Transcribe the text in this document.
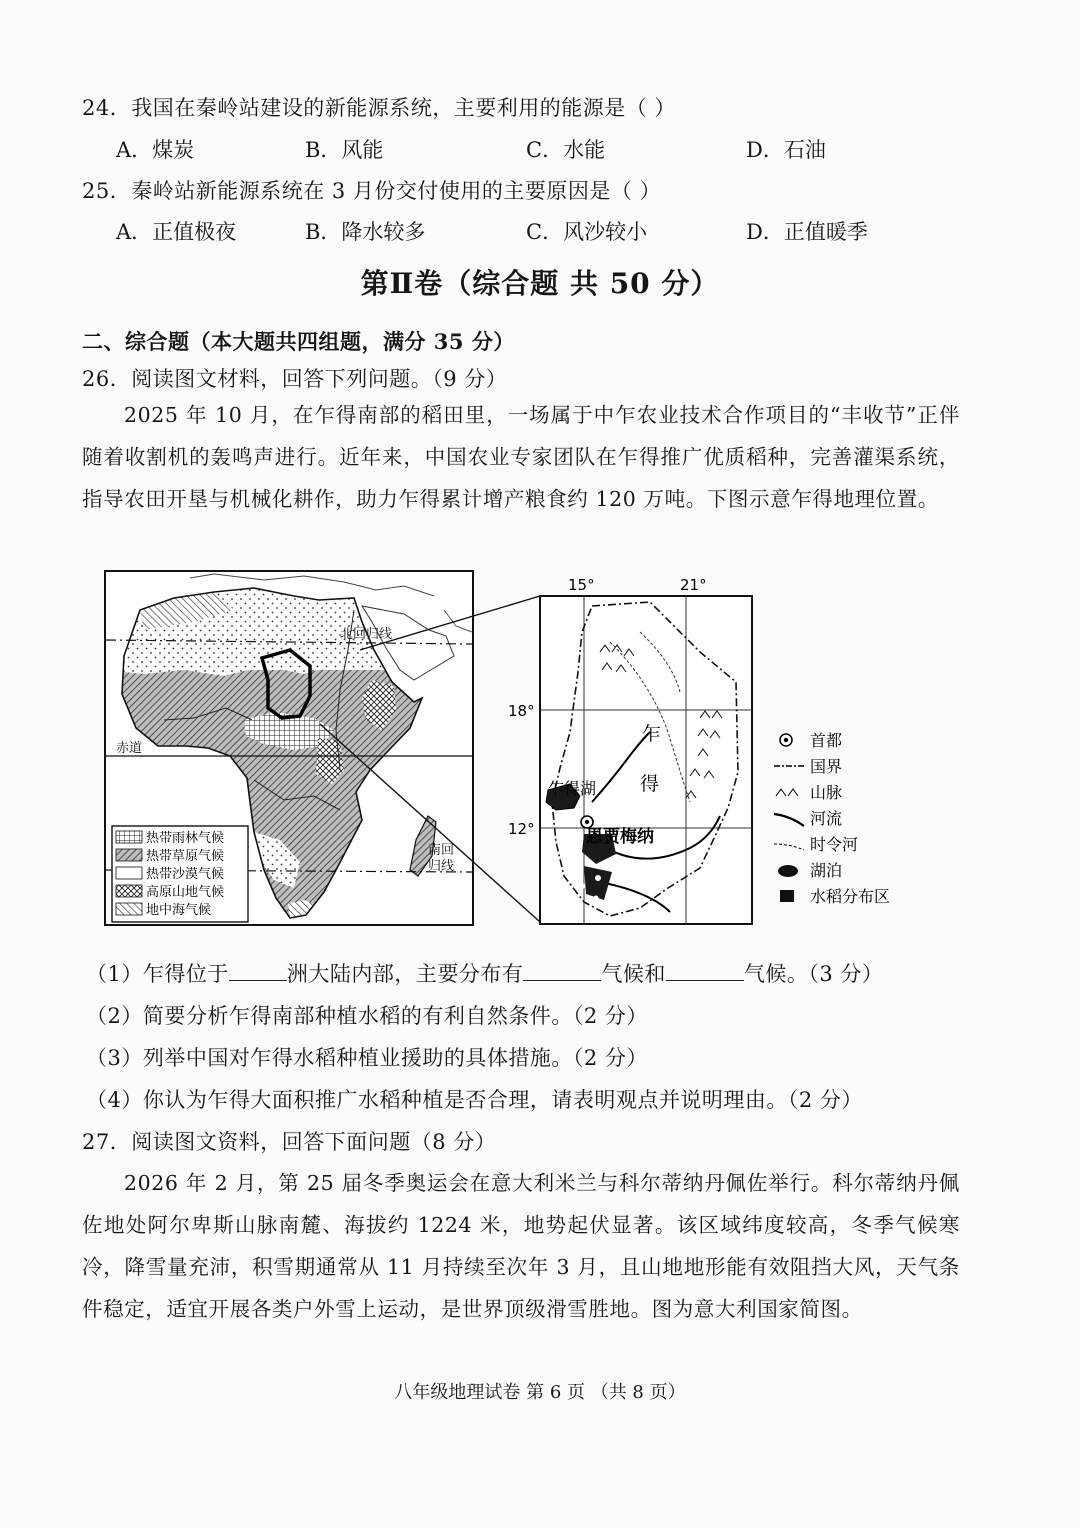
24．我国在秦岭站建设的新能源系统，主要利用的能源是（ ）
A．煤炭	B．风能	C．水能	D．石油
25．秦岭站新能源系统在 3 月份交付使用的主要原因是（ ）
A．正值极夜	B．降水较多	C．风沙较小	D．正值暖季
第Ⅱ卷（综合题 共 50 分）
二、综合题（本大题共四组题，满分 35 分）
26．阅读图文材料，回答下列问题。（9 分）
2025 年 10 月，在乍得南部的稻田里，一场属于中乍农业技术合作项目的“丰收节”正伴随着收割机的轰鸣声进行。近年来，中国农业专家团队在乍得推广优质稻种，完善灌渠系统，指导农田开垦与机械化耕作，助力乍得累计增产粮食约 120 万吨。下图示意乍得地理位置。
北回归线
赤道
南回
归线
热带雨林气候
热带草原气候
热带沙漠气候
高原山地气候
地中海气候
15°	21°
18°
12°
乍
得
乍得湖
恩贾梅纳
首都
国界
山脉
河流
时令河
湖泊
水稻分布区
（1）乍得位于	洲大陆内部，主要分布有	气候和	气候。（3 分）
（2）简要分析乍得南部种植水稻的有利自然条件。（2 分）
（3）列举中国对乍得水稻种植业援助的具体措施。（2 分）
（4）你认为乍得大面积推广水稻种植是否合理，请表明观点并说明理由。（2 分）
27．阅读图文资料，回答下面问题（8 分）
2026 年 2 月，第 25 届冬季奥运会在意大利米兰与科尔蒂纳丹佩佐举行。科尔蒂纳丹佩佐地处阿尔卑斯山脉南麓、海拔约 1224 米，地势起伏显著。该区域纬度较高，冬季气候寒冷，降雪量充沛，积雪期通常从 11 月持续至次年 3 月，且山地地形能有效阻挡大风，天气条件稳定，适宜开展各类户外雪上运动，是世界顶级滑雪胜地。图为意大利国家简图。
八年级地理试卷 第 6 页 （共 8 页）
